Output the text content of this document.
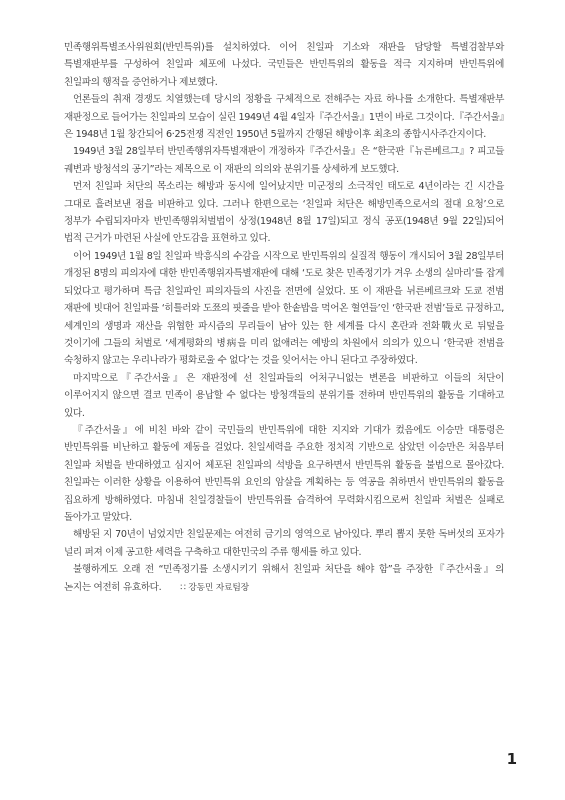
민족행위특별조사위원회(반민특위)를 설치하였다. 이어 친일파 기소와 재판을 담당할 특별검찰부와 특별재판부를 구성하여 친일파 체포에 나섰다. 국민들은 반민특위의 활동을 적극 지지하며 반민특위에 친일파의 행적을 증언하거나 제보했다.

언론들의 취재 경쟁도 치열했는데 당시의 정황을 구체적으로 전해주는 자료 하나를 소개한다. 특별재판부 재판정으로 들어가는 친일파의 모습이 실린 1949년 4월 4일자『주간서울』1면이 바로 그것이다.『주간서울』은 1948년 1월 창간되어 6·25전쟁 직전인 1950년 5월까지 간행된 해방이후 최초의 종합시사주간지이다.

1949년 3월 28일부터 반민족행위자특별재판이 개정하자『주간서울』은 “한국판『뉴른베르그』? 피고들 궤변과 방청석의 공기”라는 제목으로 이 재판의 의의와 분위기를 상세하게 보도했다.

먼저 친일파 처단의 목소리는 해방과 동시에 일어났지만 미군정의 소극적인 태도로 4년이라는 긴 시간을 그대로 흘려보낸 점을 비판하고 있다. 그러나 한편으로는 ‘친일파 처단은 해방민족으로서의 절대 요청’으로 정부가 수립되자마자 반민족행위처벌법이 상정(1948년 8월 17일)되고 정식 공포(1948년 9월 22일)되어 법적 근거가 마련된 사실에 안도감을 표현하고 있다.

이어 1949년 1월 8일 친일파 박흥식의 수감을 시작으로 반민특위의 실질적 행동이 개시되어 3월 28일부터 개정된 8명의 피의자에 대한 반민족행위자특별재판에 대해 ‘도로 찾은 민족정기가 겨우 소생의 실마리’를 잡게 되었다고 평가하며 특급 친일파인 피의자들의 사진을 전면에 실었다. 또 이 재판을 뉘른베르크와 도쿄 전범 재판에 빗대어 친일파를 ‘히틀러와 도쬬의 핏줄을 받아 한솥밥을 먹어온 혈연들’인 ‘한국판 전범’들로 규정하고, 세계인의 생명과 재산을 위협한 파시즘의 무리들이 남아 있는 한 세계를 다시 혼란과 전화戰火로 뒤덮을 것이기에 그들의 처벌로 ‘세계평화의 병病을 미리 없애려는 예방의 차원에서 의의가 있으니 ‘한국판 전범을 숙청하지 않고는 우리나라가 평화로울 수 없다’는 것을 잊어서는 아니 된다고 주장하였다.

마지막으로『주간서울』은 재판정에 선 친일파들의 어처구니없는 변론을 비판하고 이들의 처단이 이루어지지 않으면 결코 민족이 용납할 수 없다는 방청객들의 분위기를 전하며 반민특위의 활동을 기대하고 있다.

『주간서울』에 비친 바와 같이 국민들의 반민특위에 대한 지지와 기대가 컸음에도 이승만 대통령은 반민특위를 비난하고 활동에 제동을 걸었다. 친일세력을 주요한 정치적 기반으로 삼았던 이승만은 처음부터 친일파 처벌을 반대하였고 심지어 체포된 친일파의 석방을 요구하면서 반민특위 활동을 불법으로 몰아갔다. 친일파는 이러한 상황을 이용하여 반민특위 요인의 암살을 계획하는 등 역공을 취하면서 반민특위의 활동을 집요하게 방해하였다. 마침내 친일경찰들이 반민특위를 습격하여 무력화시킴으로써 친일파 처벌은 실패로 돌아가고 말았다.

해방된 지 70년이 넘었지만 친일문제는 여전히 금기의 영역으로 남아있다. 뿌리 뽑지 못한 독버섯의 포자가 널리 퍼져 이제 공고한 세력을 구축하고 대한민국의 주류 행세를 하고 있다.

불행하게도 오래 전 “민족정기를 소생시키기 위해서 친일파 처단을 해야 함”을 주장한『주간서울』의 논지는 여전히 유효하다. ∷ 강동민 자료팀장

1
